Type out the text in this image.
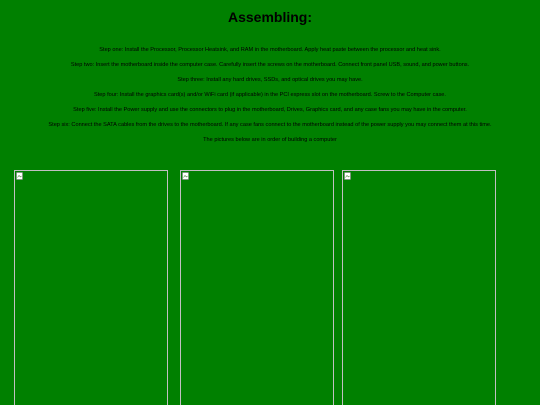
Assembling:

Step one: Install the Processor, Processor Heatsink, and RAM in the motherboard. Apply heat paste between the processor and heat sink.

Step two: Insert the motherboard inside the computer case. Carefully insert the screws on the motherboard. Connect front panel USB, sound, and power buttons.

Step three: Install any hard drives, SSDs, and optical drives you may have.

Step four: Install the graphics card(s) and/or WiFi card (if applicable) in the PCI express slot on the motherboard. Screw to the Computer case.

Step five: Install the Power supply and use the connectors to plug in the motherboard, Drives, Graphics card, and any case fans you may have in the computer.

Step six: Connect the SATA cables from the drives to the motherboard. If any case fans connect to the motherboard instead of the power supply you may connect them at this time.

The pictures below are in order of building a computer
